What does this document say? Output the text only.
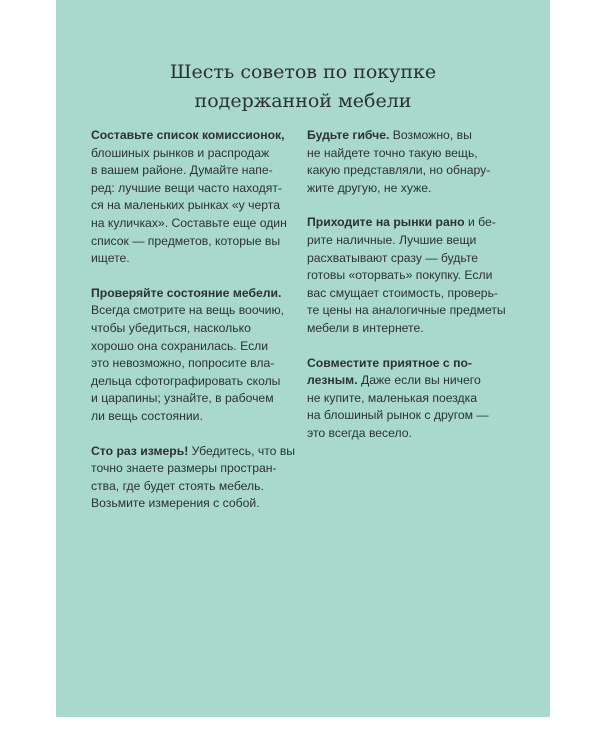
Шесть советов по покупке
подержанной мебели

Составьте список комиссионок,
блошиных рынков и распродаж
в вашем районе. Думайте напе-
ред: лучшие вещи часто находят-
ся на маленьких рынках «у черта
на куличках». Составьте еще один
список — предметов, которые вы
ищете.

Проверяйте состояние мебели.
Всегда смотрите на вещь воочию,
чтобы убедиться, насколько
хорошо она сохранилась. Если
это невозможно, попросите вла-
дельца сфотографировать сколы
и царапины; узнайте, в рабочем
ли вещь состоянии.

Сто раз измерь! Убедитесь, что вы
точно знаете размеры простран-
ства, где будет стоять мебель.
Возьмите измерения с собой.

Будьте гибче. Возможно, вы
не найдете точно такую вещь,
какую представляли, но обнару-
жите другую, не хуже.

Приходите на рынки рано и бе-
рите наличные. Лучшие вещи
расхватывают сразу — будьте
готовы «оторвать» покупку. Если
вас смущает стоимость, проверь-
те цены на аналогичные предметы
мебели в интернете.

Совместите приятное с по-
лезным. Даже если вы ничего
не купите, маленькая поездка
на блошиный рынок с другом —
это всегда весело.
